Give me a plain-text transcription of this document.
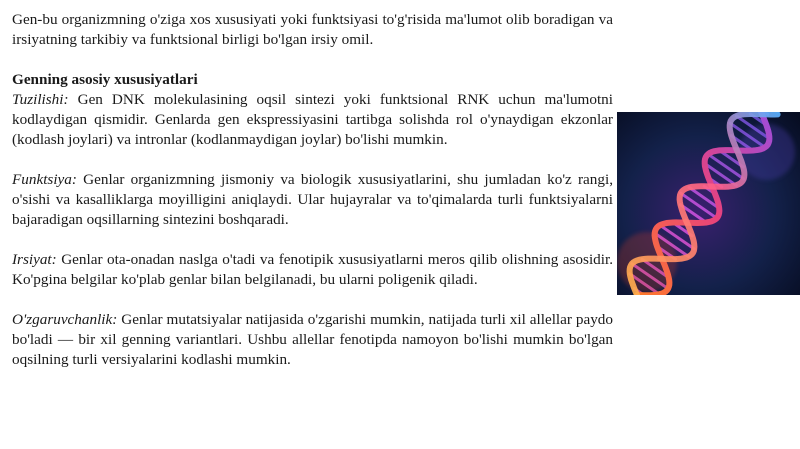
Gen-bu organizmning o'ziga xos xususiyati yoki funktsiyasi to'g'risida ma'lumot olib boradigan va irsiyatning tarkibiy va funktsional birligi bo'lgan irsiy omil.

Genning asosiy xususiyatlari

Tuzilishi: Gen DNK molekulasining oqsil sintezi yoki funktsional RNK uchun ma'lumotni kodlaydigan qismidir. Genlarda gen ekspressiyasini tartibga solishda rol o'ynaydigan ekzonlar (kodlash joylari) va intronlar (kodlanmaydigan joylar) bo'lishi mumkin.

Funktsiya: Genlar organizmning jismoniy va biologik xususiyatlarini, shu jumladan ko'z rangi, o'sishi va kasalliklarga moyilligini aniqlaydi. Ular hujayralar va to'qimalarda turli funktsiyalarni bajaradigan oqsillarning sintezini boshqaradi.

Irsiyat: Genlar ota-onadan naslga o'tadi va fenotipik xususiyatlarni meros qilib olishning asosidir. Ko'pgina belgilar ko'plab genlar bilan belgilanadi, bu ularni poligenik qiladi.

O'zgaruvchanlik: Genlar mutatsiyalar natijasida o'zgarishi mumkin, natijada turli xil allellar paydo bo'ladi — bir xil genning variantlari. Ushbu allellar fenotipda namoyon bo'lishi mumkin bo'lgan oqsilning turli versiyalarini kodlashi mumkin.
